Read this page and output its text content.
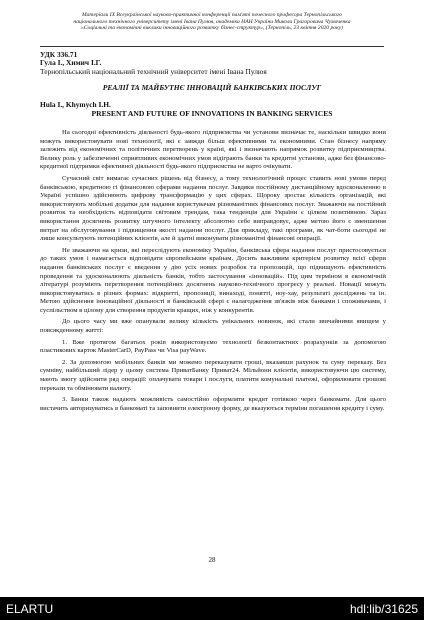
Матеріали ІХ Всеукраїнської науково-практичної конференції пам'яті почесного професора Тернопільського
національного технічного університету імені Івана Пулюя, академіка НАН України Миколи Григоровича Чумаченка
«Соціальні та економічні виклики інноваційного розвитку бізнес-структур», (Тернопіль, 23 квітня 2020 року)
УДК 336.71
Гула І., Химич І.Г.
Тернопільський національний технічний університет імені Івана Пулюя
РЕАЛІЇ ТА МАЙБУТНЄ ІННОВАЦІЙ БАНКІВСЬКИХ ПОСЛУГ
Hula I., Khymych I.H.
PRESENT AND FUTURE OF INNOVATIONS IN BANKING SERVICES

На сьогодні ефективність діяльності будь-якого підприємства чи установи визначає те, наскільки швидко вони можуть використовувати нові технології, які є завжди більш ефективними та економними. Стан бізнесу напряму залежить від економічних та політичних перетворень у країні, які і визначають напрямок розвитку підприємництва. Велику роль у забезпеченні сприятливих економічних умов відіграють банки та кредитні установи, адже без фінансово-кредитної підтримки ефективної діяльності будь-якого підприємства не варто очікувати.

Сучасний світ вимагає сучасних рішень від бізнесу, а тому технологічний процес ставить нові умови перед банківською, кредитною гі фінансовою сферами надання послуг. Завдяки постійному дистанційному вдосконаленню в Україні успішно здійснюють цифрову трансформацію у цих сферах. Щороку зростає кількість організацій, які використовують мобільні додатки для надання користувачам різноманітних фінансових послуг. Зважаючи на постійний розвиток та необхідність відповідати світовим трендам, така тенденція для України є цілком позитивною. Зараз використання досягнень розвитку штучного інтелекту абсолютно себе виправдовує, адже метою його є зменшення витрат на обслуговування і підвищення якості надання послуг. Для прикладу, такі програми, як чат-боти сьогодні не лише консультують потенційних клієнтів, але й здатні виконувати різноманітні фінансові операції.

Не зважаючи на кризи, які переслідують економіку України, банківська сфера надання послуг пристосовується до таких умов і намагається відповідати європейським країнам. Досить важливим критерієм розвитку всієї сфери надання банківських послуг є введення у дію усіх нових розробок та пропозицій, що підвищують ефективність проведення та удосконалюють діяльність банків, тобто застосування «інновацій». Під цим терміном в економічній літературі розуміють перетворення потенційних досягнень науково-технічного прогресу у реальні. Новації можуть використовуватись в різних формах: відкритті, пропозиції, винаході, понятті, ноу-хау, результаті досліджень та ін. Метою здійснення інноваційної діяльності в банківській сфері є налагодження зв'язків між банками і споживачами, і суспільством в цілому для створення продуктів кращих, ніж у конкурентів.

До цього часу ми вже опанували велику кількість унікальних новинок, які стали звичайними явищем у повсякденному житті:

1. Вже протягом багатьох років використовуємо технології безконтактних розрахунків за допомогою пластикових карток MasterCarD, PayPass чи Visa payWave.

2. За допомогою мобільних банків ми можемо переказувати гроші, вказавши рахунок та суму переказу. Без сумніву, найбільший лідер у цьому система ПриватБанку Приват24. Мільйони клієнтів, використовуючи цю систему, мають змогу здійснити ряд операції: оплачувати товари і послуги, платити комунальні платежі, оформлювати грошові перекази та обмінювати валюту.

3. Банки також надають можливість самостійно оформляти кредит готівкою через банкомати. Для цього вистачить авторизуватись в банкоматі та заповнити електронну форму, де вказуються терміни погашення кредиту і суму.

28
ELARTU	hdl:lib/31625
